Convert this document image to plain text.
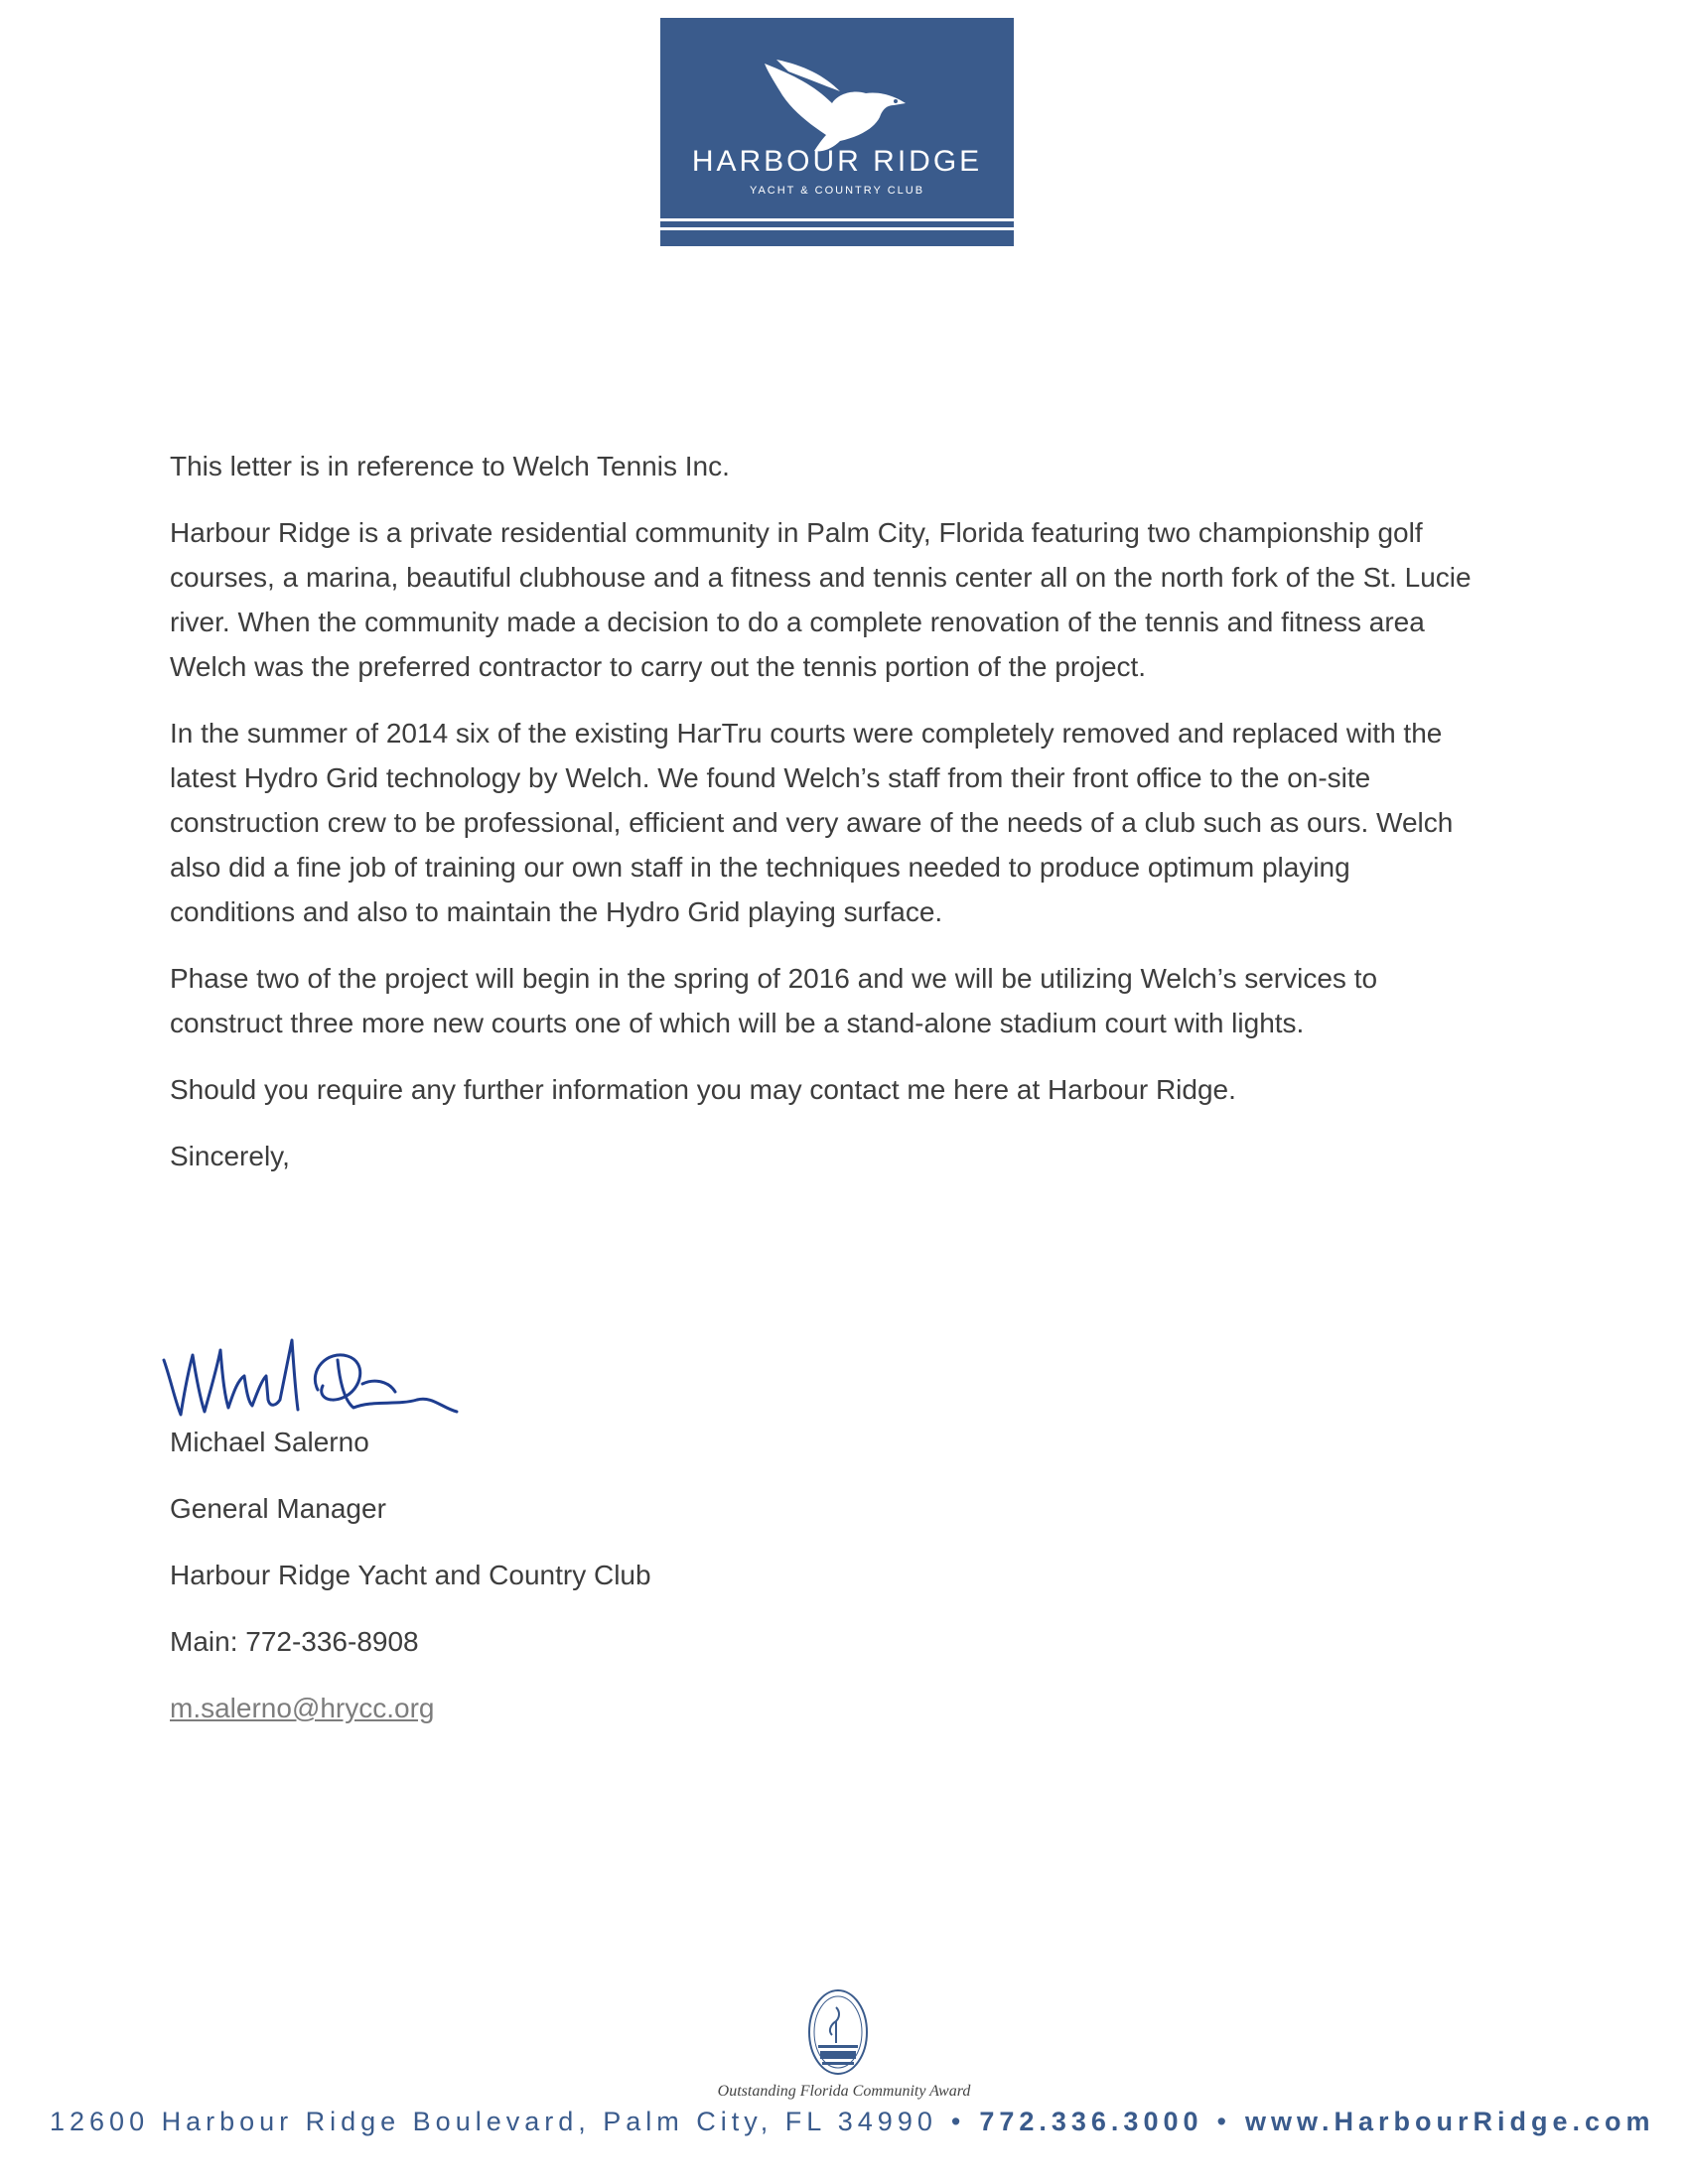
HARBOUR RIDGE
YACHT & COUNTRY CLUB

This letter is in reference to Welch Tennis Inc.

Harbour Ridge is a private residential community in Palm City, Florida featuring two championship golf courses, a marina, beautiful clubhouse and a fitness and tennis center all on the north fork of the St. Lucie river. When the community made a decision to do a complete renovation of the tennis and fitness area Welch was the preferred contractor to carry out the tennis portion of the project.

In the summer of 2014 six of the existing HarTru courts were completely removed and replaced with the latest Hydro Grid technology by Welch. We found Welch’s staff from their front office to the on-site construction crew to be professional, efficient and very aware of the needs of a club such as ours. Welch also did a fine job of training our own staff in the techniques needed to produce optimum playing conditions and also to maintain the Hydro Grid playing surface.

Phase two of the project will begin in the spring of 2016 and we will be utilizing Welch’s services to construct three more new courts one of which will be a stand-alone stadium court with lights.

Should you require any further information you may contact me here at Harbour Ridge.

Sincerely,

Michael Salerno
General Manager
Harbour Ridge Yacht and Country Club
Main: 772-336-8908
m.salerno@hrycc.org
Outstanding Florida Community Award
12600 Harbour Ridge Boulevard, Palm City, FL 34990 • 772.336.3000 • www.HarbourRidge.com
